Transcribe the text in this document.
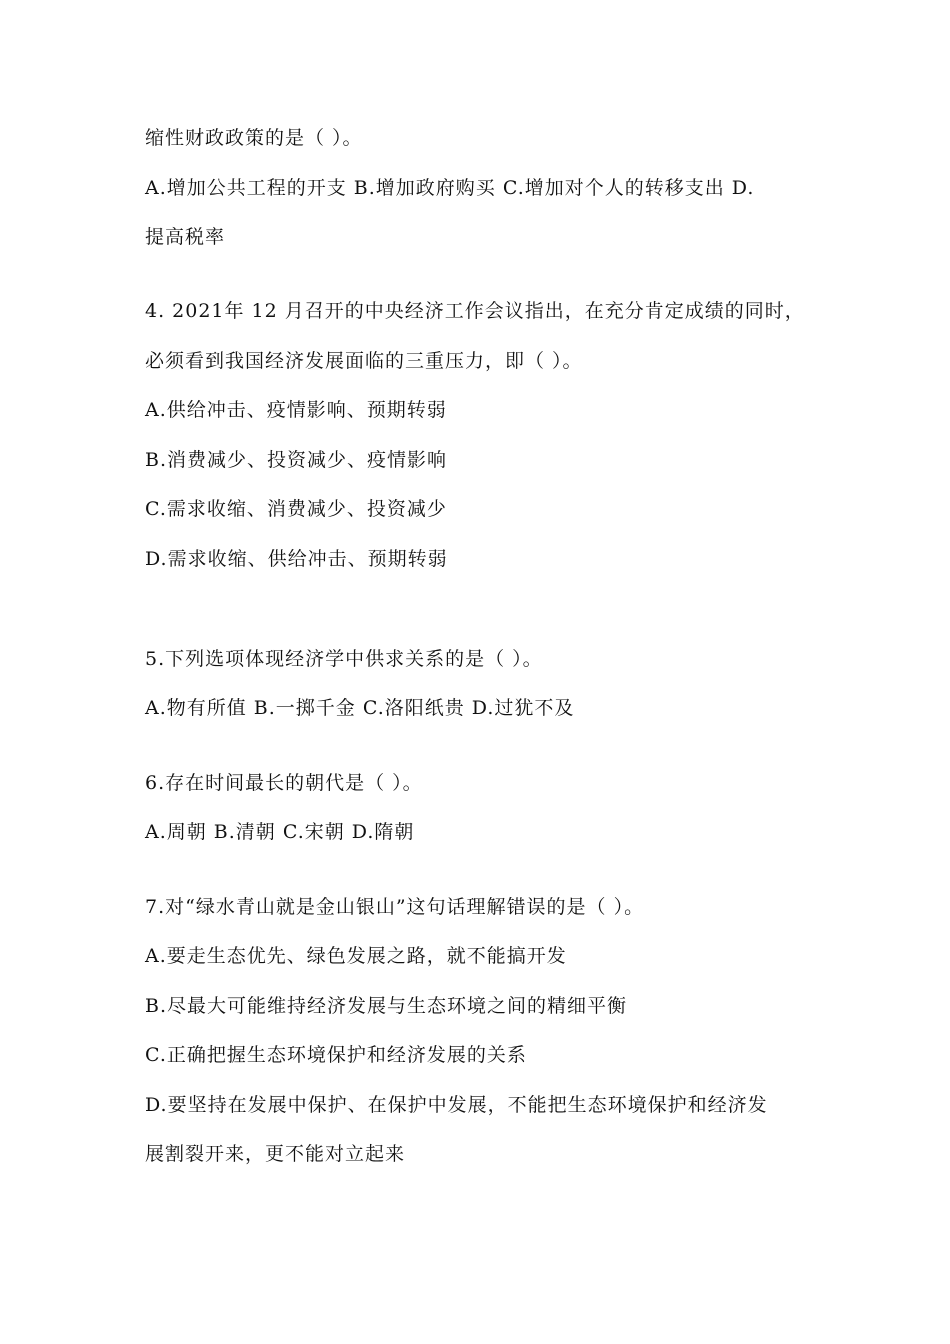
缩性财政政策的是（ ）。
A.增加公共工程的开支 B.增加政府购买 C.增加对个人的转移支出 D.
提高税率
4. 2021年 12 月召开的中央经济工作会议指出，在充分肯定成绩的同时，
必须看到我国经济发展面临的三重压力，即（ ）。
A.供给冲击、疫情影响、预期转弱
B.消费减少、投资减少、疫情影响
C.需求收缩、消费减少、投资减少
D.需求收缩、供给冲击、预期转弱
5.下列选项体现经济学中供求关系的是（ ）。
A.物有所值 B.一掷千金 C.洛阳纸贵 D.过犹不及
6.存在时间最长的朝代是（ ）。
A.周朝 B.清朝 C.宋朝 D.隋朝
7.对“绿水青山就是金山银山”这句话理解错误的是（ ）。
A.要走生态优先、绿色发展之路，就不能搞开发
B.尽最大可能维持经济发展与生态环境之间的精细平衡
C.正确把握生态环境保护和经济发展的关系
D.要坚持在发展中保护、在保护中发展，不能把生态环境保护和经济发
展割裂开来，更不能对立起来
